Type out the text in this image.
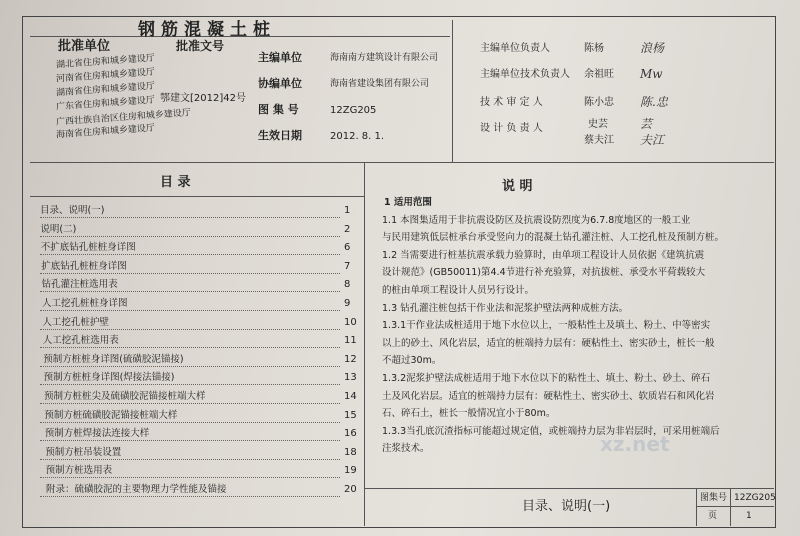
钢筋混凝土桩
批准单位	批准文号
湖北省住房和城乡建设厅
河南省住房和城乡建设厅
湖南省住房和城乡建设厅
广东省住房和城乡建设厅
广西壮族自治区住房和城乡建设厅
海南省住房和城乡建设厅
鄂建文[2012]42号
主编单位	海南南方建筑设计有限公司
协编单位	海南省建设集团有限公司
图 集 号	12ZG205
生效日期	2012. 8. 1.
主编单位负责人	陈杨	浪杨
主编单位技术负责人 余祖旺 Mw
技 术 审 定 人	陈小忠 陈.忠
设 计 负 责 人	史芸	芸
蔡夫江 夫江
目 录	说 明
目录、说明(一)	1
说明(二)	2
不扩底钻孔桩桩身详图	6
扩底钻孔桩桩身详图	7
钻孔灌注桩选用表	8
人工挖孔桩桩身详图	9
人工挖孔桩护壁	10
人工挖孔桩选用表	11
预制方桩桩身详图(硫磺胶泥锚接)	12
预制方桩桩身详图(焊接法锚接)	13
预制方桩桩尖及硫磺胶泥锚接桩端大样	14
预制方桩硫磺胶泥锚接桩端大样	15
预制方桩焊接法连接大样	16
预制方桩吊装设置	18
预制方桩选用表	19
附录：硫磺胶泥的主要物理力学性能及锚接	20
1 适用范围
1.1 本图集适用于非抗震设防区及抗震设防烈度为6.7.8度地区的一般工业
与民用建筑低层桩承台承受竖向力的混凝土钻孔灌注桩、人工挖孔桩及预制方桩。
1.2 当需要进行桩基抗震承载力验算时，由单项工程设计人员依据《建筑抗震
设计规范》(GB50011)第4.4节进行补充验算，对抗拔桩、承受水平荷载较大
的桩由单项工程设计人员另行设计。
1.3 钻孔灌注桩包括干作业法和泥浆护壁法两种成桩方法。
1.3.1干作业法成桩适用于地下水位以上，一般粘性土及填土、粉土、中等密实
以上的砂土、风化岩层，适宜的桩端持力层有：硬粘性土、密实砂土，桩长一般
不超过30m。
1.3.2泥浆护壁法成桩适用于地下水位以下的粘性土、填土、粉土、砂土、碎石
土及风化岩层。适宜的桩端持力层有：硬粘性土、密实砂土、软质岩石和风化岩
石、碎石土，桩长一般情况宜小于80m。
1.3.3当孔底沉渣指标可能超过规定值，或桩端持力层为非岩层时，可采用桩端后
注浆技术。
目录、说明(一)
图集号 12ZG205
页	1
xz.net
